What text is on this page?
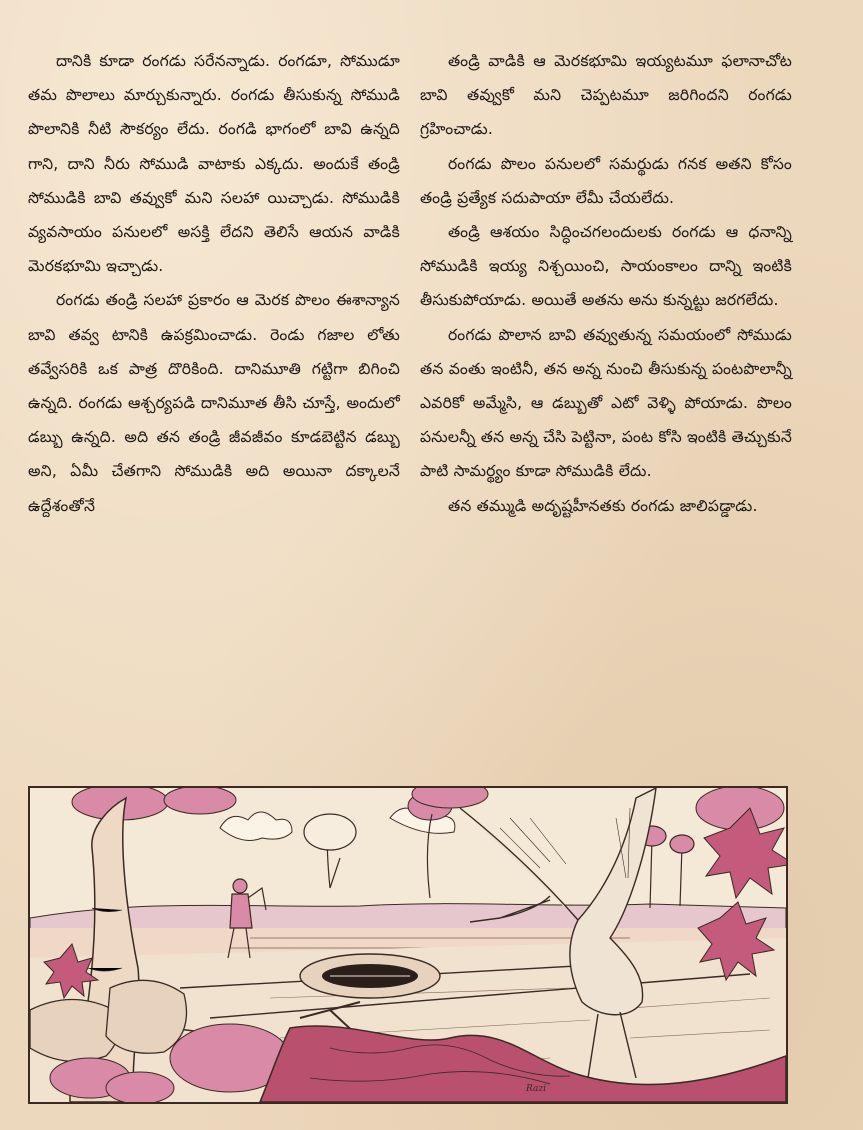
దానికి కూడా రంగడు సరేనన్నాడు. రంగడూ, సోముడూ తమ పొలాలు మార్చుకున్నారు. రంగడు తీసుకున్న సోముడి పొలానికి నీటి సౌకర్యం లేదు. రంగడి భాగంలో బావి ఉన్నది గాని, దాని నీరు సోముడి వాటాకు ఎక్కదు. అందుకే తండ్రి సోముడికి బావి తవ్వుకో మని సలహా యిచ్చాడు. సోముడికి వ్యవసాయం పనులలో అసక్తి లేదని తెలిసే ఆయన వాడికి మెరకభూమి ఇచ్చాడు.

రంగడు తండ్రి సలహా ప్రకారం ఆ మెరక పొలం ఈశాన్యాన బావి తవ్వ టానికి ఉపక్రమించాడు. రెండు గజాల లోతు తవ్వేసరికి ఒక పాత్ర దొరికింది. దానిమూతి గట్టిగా బిగించి ఉన్నది. రంగడు ఆశ్చర్యపడి దానిమూత తీసి చూస్తే, అందులో డబ్బు ఉన్నది. అది తన తండ్రి జీవజీవం కూడబెట్టిన డబ్బు అని, ఏమీ చేతగాని సోముడికి అది అయినా దక్కాలనే ఉద్దేశంతోనే

తండ్రి వాడికి ఆ మెరకభూమి ఇయ్యటమూ ఫలానాచోట బావి తవ్వుకో మని చెప్పటమూ జరిగిందని రంగడు గ్రహించాడు.

రంగడు పొలం పనులలో సమర్థుడు గనక అతని కోసం తండ్రి ప్రత్యేక సదుపాయా లేమీ చేయలేదు.

తండ్రి ఆశయం సిద్ధించగలందులకు రంగడు ఆ ధనాన్ని సోముడికి ఇయ్య నిశ్చయించి, సాయంకాలం దాన్ని ఇంటికి తీసుకుపోయాడు. అయితే అతను అను కున్నట్టు జరగలేదు.

రంగడు పొలాన బావి తవ్వుతున్న సమయంలో సోముడు తన వంతు ఇంటినీ, తన అన్న నుంచి తీసుకున్న పంటపొలాన్నీ ఎవరికో అమ్మేసి, ఆ డబ్బుతో ఎటో వెళ్ళి పోయాడు. పొలం పనులన్నీ తన అన్న చేసి పెట్టినా, పంట కోసి ఇంటికి తెచ్చుకునే పాటి సామర్థ్యం కూడా సోముడికి లేదు.

తన తమ్ముడి అదృష్టహీనతకు రంగడు జాలిపడ్డాడు.

Razi
